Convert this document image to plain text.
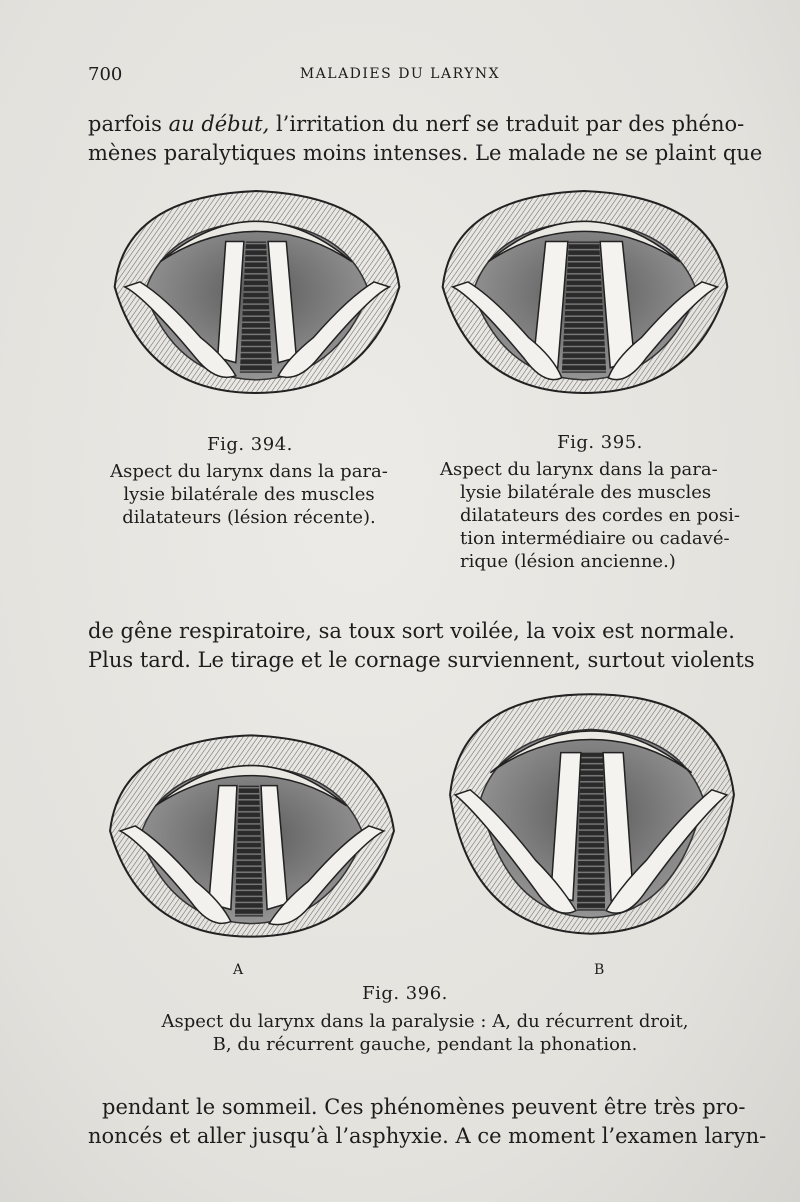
700	MALADIES DU LARYNX
parfois au début, l’irritation du nerf se traduit par des phéno-
mènes paralytiques moins intenses. Le malade ne se plaint que
Fig. 394.
Aspect du larynx dans la para-
lysie bilatérale des muscles
dilatateurs (lésion récente).
Fig. 395.
Aspect du larynx dans la para-
lysie bilatérale des muscles
dilatateurs des cordes en posi-
tion intermédiaire ou cadavé-
rique (lésion ancienne.)
de gêne respiratoire, sa toux sort voilée, la voix est normale.
Plus tard. Le tirage et le cornage surviennent, surtout violents
A	B
Fig. 396.
Aspect du larynx dans la paralysie : A, du récurrent droit,
B, du récurrent gauche, pendant la phonation.
pendant le sommeil. Ces phénomènes peuvent être très pro-
noncés et aller jusqu’à l’asphyxie. A ce moment l’examen laryn-
